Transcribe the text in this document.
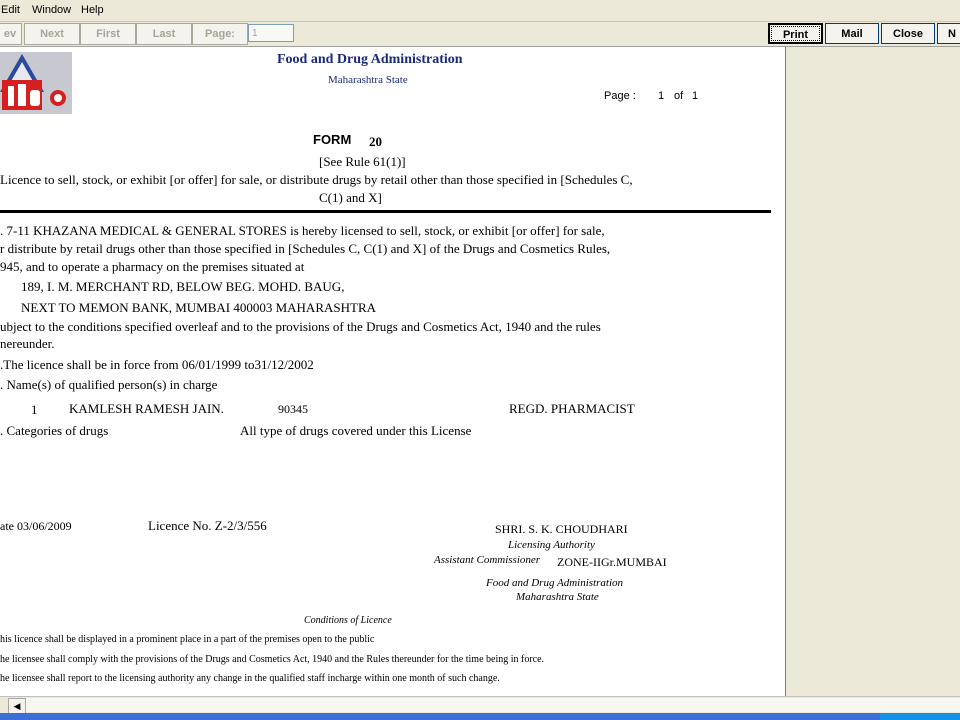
Edit Window Help
ev	Next	First	Last	Page:	1	Print	Mail	Close	N
Food and Drug Administration
Maharashtra State
Page : 1 of 1
FORM 20
[See Rule 61(1)]
Licence to sell, stock, or exhibit [or offer] for sale, or distribute drugs by retail other than those specified in [Schedules C,
C(1) and X]
. 7-11 KHAZANA MEDICAL & GENERAL STORES is hereby licensed to sell, stock, or exhibit [or offer] for sale,
r distribute by retail drugs other than those specified in [Schedules C, C(1) and X] of the Drugs and Cosmetics Rules,
945, and to operate a pharmacy on the premises situated at
189, I. M. MERCHANT RD, BELOW BEG. MOHD. BAUG,
NEXT TO MEMON BANK, MUMBAI 400003 MAHARASHTRA
ubject to the conditions specified overleaf and to the provisions of the Drugs and Cosmetics Act, 1940 and the rules
nereunder.
.The licence shall be in force from 06/01/1999 to31/12/2002
. Name(s) of qualified person(s) in charge
1 KAMLESH RAMESH JAIN.	90345	REGD. PHARMACIST
. Categories of drugs	All type of drugs covered under this License
ate 03/06/2009	Licence No. Z-2/3/556	SHRI. S. K. CHOUDHARI
Licensing Authority
Assistant Commissioner ZONE-IIGr.MUMBAI
Food and Drug Administration
Maharashtra State
Conditions of Licence
his licence shall be displayed in a prominent place in a part of the premises open to the public
he licensee shall comply with the provisions of the Drugs and Cosmetics Act, 1940 and the Rules thereunder for the time being in force.
he licensee shall report to the licensing authority any change in the qualified staff incharge within one month of such change.
◀
